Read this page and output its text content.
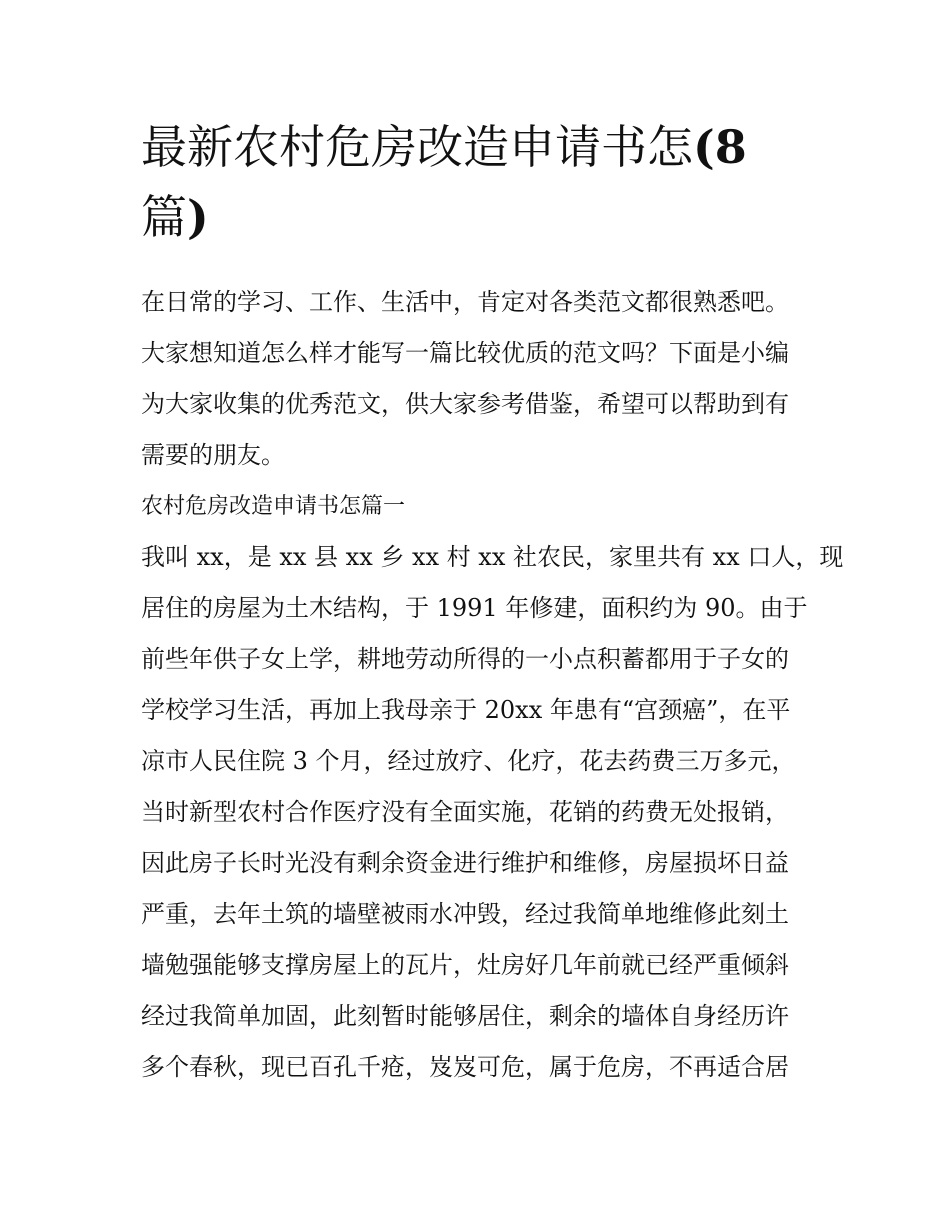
最新农村危房改造申请书怎(8
篇)
在日常的学习、工作、生活中，肯定对各类范文都很熟悉吧。
大家想知道怎么样才能写一篇比较优质的范文吗？下面是小编
为大家收集的优秀范文，供大家参考借鉴，希望可以帮助到有
需要的朋友。
农村危房改造申请书怎篇一
我叫 xx，是 xx 县 xx 乡 xx 村 xx 社农民，家里共有 xx 口人，现
居住的房屋为土木结构，于 1991 年修建，面积约为 90。由于
前些年供子女上学，耕地劳动所得的一小点积蓄都用于子女的
学校学习生活，再加上我母亲于 20xx 年患有“宫颈癌”，在平
凉市人民住院 3 个月，经过放疗、化疗，花去药费三万多元，
当时新型农村合作医疗没有全面实施，花销的药费无处报销，
因此房子长时光没有剩余资金进行维护和维修，房屋损坏日益
严重，去年土筑的墙壁被雨水冲毁，经过我简单地维修此刻土
墙勉强能够支撑房屋上的瓦片，灶房好几年前就已经严重倾斜
经过我简单加固，此刻暂时能够居住，剩余的墙体自身经历许
多个春秋，现已百孔千疮，岌岌可危，属于危房，不再适合居
